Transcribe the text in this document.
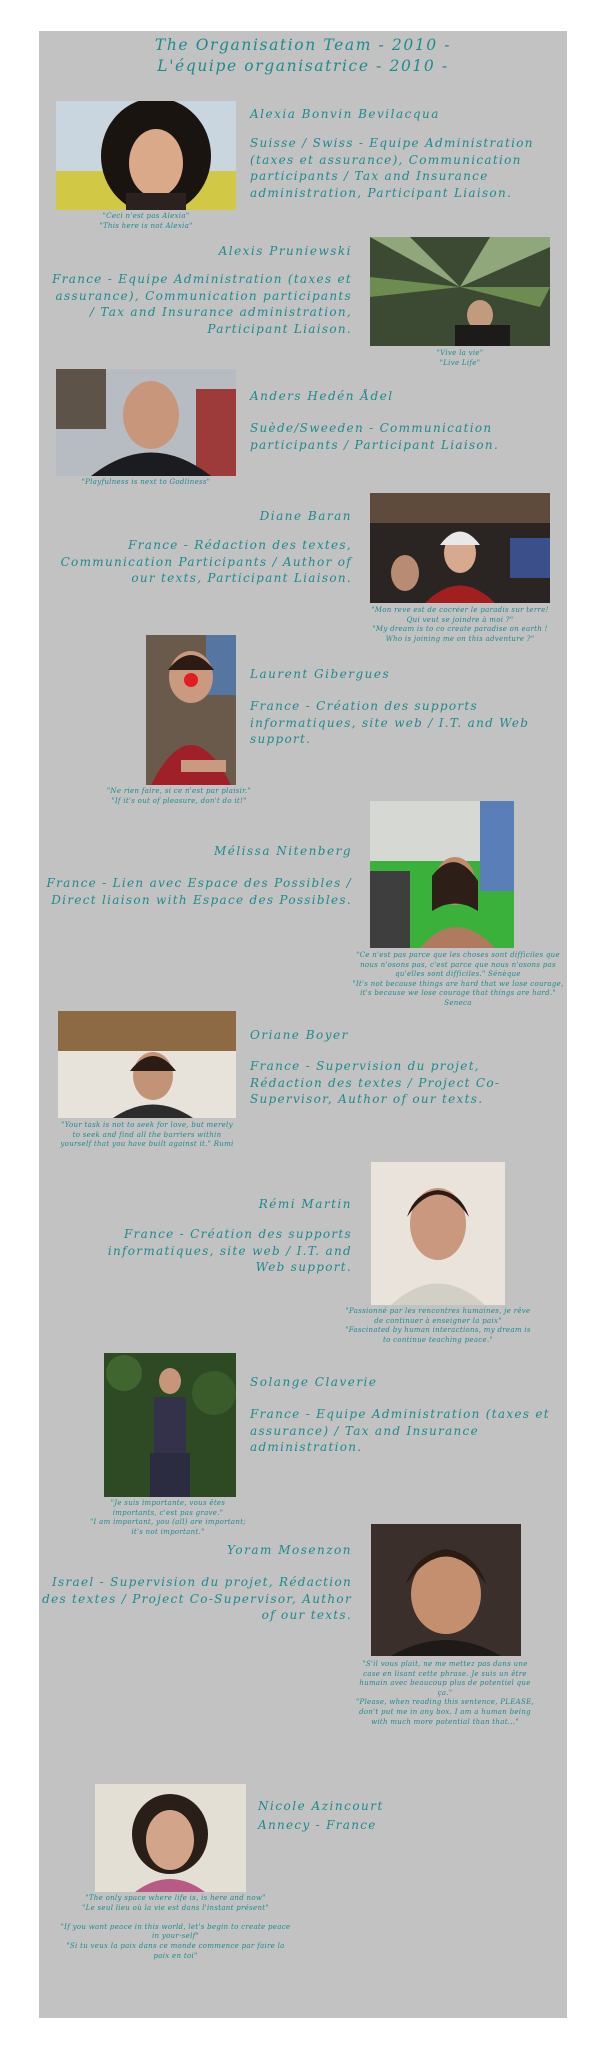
The Organisation Team - 2010 -

L'équipe organisatrice - 2010 -

Alexia Bonvin Bevilacqua

Suisse / Swiss - Equipe Administration (taxes et assurance), Communication participants / Tax and Insurance administration, Participant Liaison.

"Ceci n'est pas Alexia"
"This here is not Alexia"

Alexis Pruniewski

France - Equipe Administration (taxes et assurance), Communication participants / Tax and Insurance administration, Participant Liaison.

"Vive la vie"
"Live Life"

Anders Hedén Ådel

Suède/Sweeden - Communication participants / Participant Liaison.

"Playfulness is next to Godliness"

Diane Baran

France - Rédaction des textes, Communication Participants / Author of our texts, Participant Liaison.

"Mon reve est de cocréer le paradis sur terre! Qui veut se joindre à moi ?"
"My dream is to co create paradise on earth ! Who is joining me on this adventure ?"

Laurent Gibergues

France - Création des supports informatiques, site web / I.T. and Web support.

"Ne rien faire, si ce n'est par plaisir."
"If it's out of pleasure, don't do it!"

Mélissa Nitenberg

France - Lien avec Espace des Possibles / Direct liaison with Espace des Possibles.

"Ce n'est pas parce que les choses sont difficiles que nous n'osons pas, c'est parce que nous n'osons pas qu'elles sont difficiles." Sénèque
"It's not because things are hard that we lose courage, it's because we lose courage that things are hard." Seneca

Oriane Boyer

France - Supervision du projet, Rédaction des textes / Project Co-Supervisor, Author of our texts.

"Your task is not to seek for love, but merely to seek and find all the barriers within yourself that you have built against it." Rumi

Rémi Martin

France - Création des supports informatiques, site web / I.T. and Web support.

"Passionné par les rencontres humaines, je rêve de continuer à enseigner la paix"
"Fascinated by human interactions, my dream is to continue teaching peace."

Solange Claverie

France - Equipe Administration (taxes et assurance) / Tax and Insurance administration.

"Je suis importante, vous êtes importants, c'est pas grave."
"I am important, you (all) are important; it's not important."

Yoram Mosenzon

Israel - Supervision du projet, Rédaction des textes / Project Co-Supervisor, Author of our texts.

"S'il vous plait, ne me mettez pas dans une case en lisant cette phrase. Je suis un être humain avec beaucoup plus de potentiel que ça."
"Please, when reading this sentence, PLEASE, don't put me in any box. I am a human being with much more potential than that..."

Nicole Azincourt

Annecy - France

"The only space where life is, is here and now"
"Le seul lieu où la vie est dans l'instant présent"

"If you want peace in this world, let's begin to create peace in your-self"
"Si tu veux la paix dans ce monde commence par faire la paix en toi"
